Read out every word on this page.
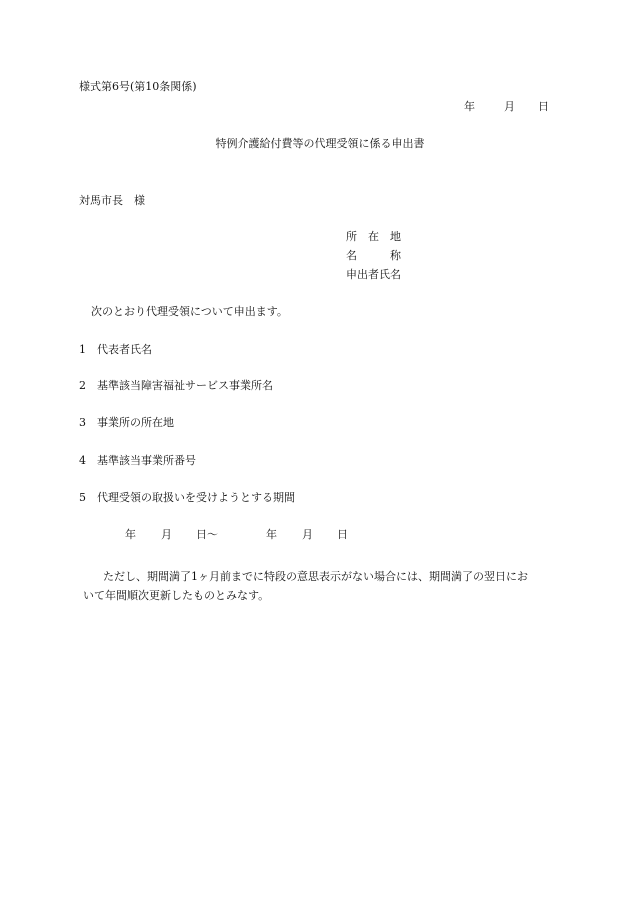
様式第6号(第10条関係)
年	月 日
特例介護給付費等の代理受領に係る申出書
対馬市長　様
所　在　地
名　　　称
申出者氏名
次のとおり代理受領について申出ます。
1 代表者氏名
2 基準該当障害福祉サービス事業所名
3 事業所の所在地
4 基準該当事業所番号
5 代理受領の取扱いを受けようとする期間
年 月 日〜	年 月 日
ただし、期間満了1ヶ月前までに特段の意思表示がない場合には、期間満了の翌日にお
いて年間順次更新したものとみなす。
